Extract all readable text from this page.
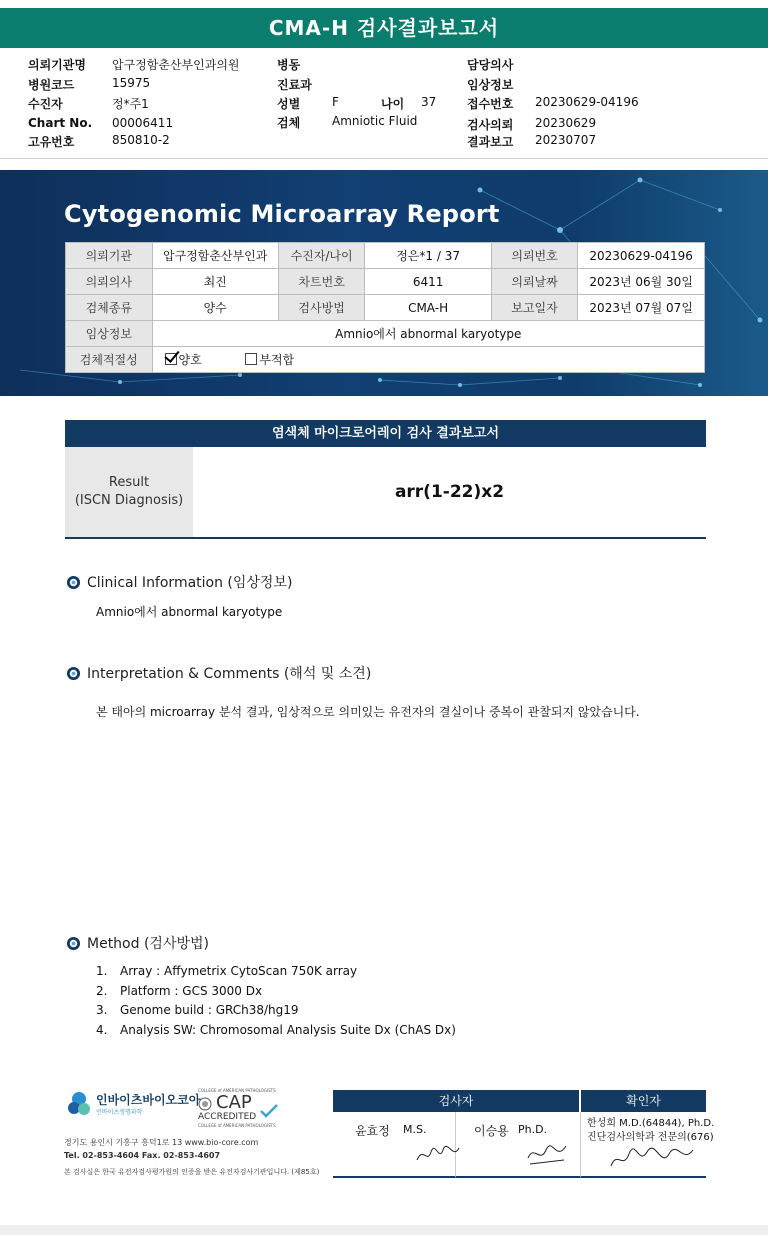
CMA-H 검사결과보고서
의뢰기관명 압구정함춘산부인과의원
병원코드	15975
수진자	정*주1
Chart No. 00006411
고유번호	850810-2
병동
진료과
성별	F	나이 37
검체	Amniotic Fluid
담당의사
임상정보
접수번호 20230629-04196
검사의뢰 20230629
결과보고 20230707
Cytogenomic Microarray Report
의뢰기관	압구정함춘산부인과	수진자/나이	정은*1 / 37	의뢰번호	20230629-04196
의뢰의사	최진	차트번호	6411	의뢰날짜	2023년 06월 30일
검체종류	양수	검사방법	CMA-H	보고일자	2023년 07월 07일
임상정보	Amnio에서 abnormal karyotype				
검체적절성	양호 부적합				
염색체 마이크로어레이 검사 결과보고서
Result
(ISCN Diagnosis)	arr(1-22)x2
Clinical Information (임상정보)
Amnio에서 abnormal karyotype
Interpretation & Comments (해석 및 소견)
본 태아의 microarray 분석 결과, 임상적으로 의미있는 유전자의 결실이나 중복이 관찰되지 않았습니다.
Method (검사방법)
1.	Array : Affymetrix CytoScan 750K array
2.	Platform : GCS 3000 Dx
3.	Genome build : GRCh38/hg19
4.	Analysis SW: Chromosomal Analysis Suite Dx (ChAS Dx)
인바이츠바이오코아
인바이츠생명과학
COLLEGE of AMERICAN PATHOLOGISTS
CAP
ACCREDITED
COLLEGE of AMERICAN PATHOLOGISTS
경기도 용인시 기흥구 흥덕1로 13 www.bio-core.com
Tel. 02-853-4604 Fax. 02-853-4607
본 검사실은 한국 유전자검사평가원의 인증을 받은 유전자검사기관입니다. (제85호)
검사자	확인자
윤효정 M.S.	이승용 Ph.D.	한성희 M.D.(64844), Ph.D.
진단검사의학과 전문의(676)
